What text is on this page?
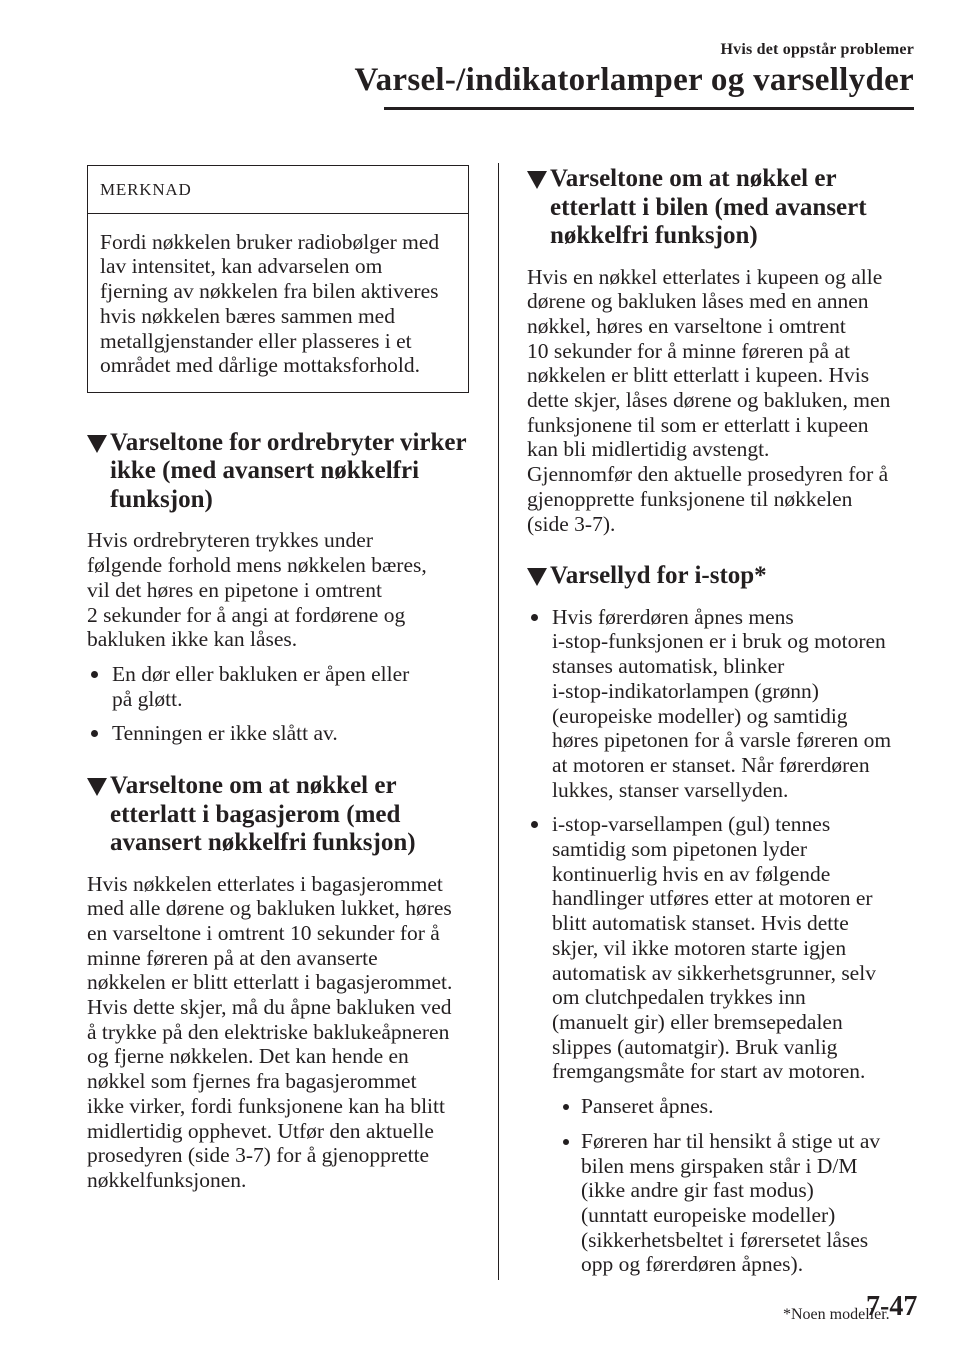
Hvis det oppstår problemer
Varsel-/indikatorlamper og varsellyder
MERKNAD
Fordi nøkkelen bruker radiobølger med
lav intensitet, kan advarselen om
fjerning av nøkkelen fra bilen aktiveres
hvis nøkkelen bæres sammen med
metallgjenstander eller plasseres i et
området med dårlige mottaksforhold.
Varseltone for ordrebryter virker
ikke (med avansert nøkkelfri
funksjon)

Hvis ordrebryteren trykkes under
følgende forhold mens nøkkelen bæres,
vil det høres en pipetone i omtrent
2 sekunder for å angi at fordørene og
bakluken ikke kan låses.

En dør eller bakluken er åpen eller
på gløtt.
Tenningen er ikke slått av.
Varseltone om at nøkkel er
etterlatt i bagasjerom (med
avansert nøkkelfri funksjon)

Hvis nøkkelen etterlates i bagasjerommet
med alle dørene og bakluken lukket, høres
en varseltone i omtrent 10 sekunder for å
minne føreren på at den avanserte
nøkkelen er blitt etterlatt i bagasjerommet.
Hvis dette skjer, må du åpne bakluken ved
å trykke på den elektriske baklukeåpneren
og fjerne nøkkelen. Det kan hende en
nøkkel som fjernes fra bagasjerommet
ikke virker, fordi funksjonene kan ha blitt
midlertidig opphevet. Utfør den aktuelle
prosedyren (side 3-7) for å gjenopprette
nøkkelfunksjonen.

Varseltone om at nøkkel er
etterlatt i bilen (med avansert
nøkkelfri funksjon)

Hvis en nøkkel etterlates i kupeen og alle
dørene og bakluken låses med en annen
nøkkel, høres en varseltone i omtrent
10 sekunder for å minne føreren på at
nøkkelen er blitt etterlatt i kupeen. Hvis
dette skjer, låses dørene og bakluken, men
funksjonene til som er etterlatt i kupeen
kan bli midlertidig avstengt.
Gjennomfør den aktuelle prosedyren for å
gjenopprette funksjonene til nøkkelen
(side 3-7).

Varsellyd for i-stop*
Hvis førerdøren åpnes mens
i-stop-funksjonen er i bruk og motoren
stanses automatisk, blinker
i-stop-indikatorlampen (grønn)
(europeiske modeller) og samtidig
høres pipetonen for å varsle føreren om
at motoren er stanset. Når førerdøren
lukkes, stanser varsellyden.
i-stop-varsellampen (gul) tennes
samtidig som pipetonen lyder
kontinuerlig hvis en av følgende
handlinger utføres etter at motoren er
blitt automatisk stanset. Hvis dette
skjer, vil ikke motoren starte igjen
automatisk av sikkerhetsgrunner, selv
om clutchpedalen trykkes inn
(manuelt gir) eller bremsepedalen
slippes (automatgir). Bruk vanlig
fremgangsmåte for start av motoren.
Panseret åpnes.
Føreren har til hensikt å stige ut av
bilen mens girspaken står i D/M
(ikke andre gir fast modus)
(unntatt europeiske modeller)
(sikkerhetsbeltet i førersetet låses
opp og førerdøren åpnes).
*Noen modeller.
7-47
